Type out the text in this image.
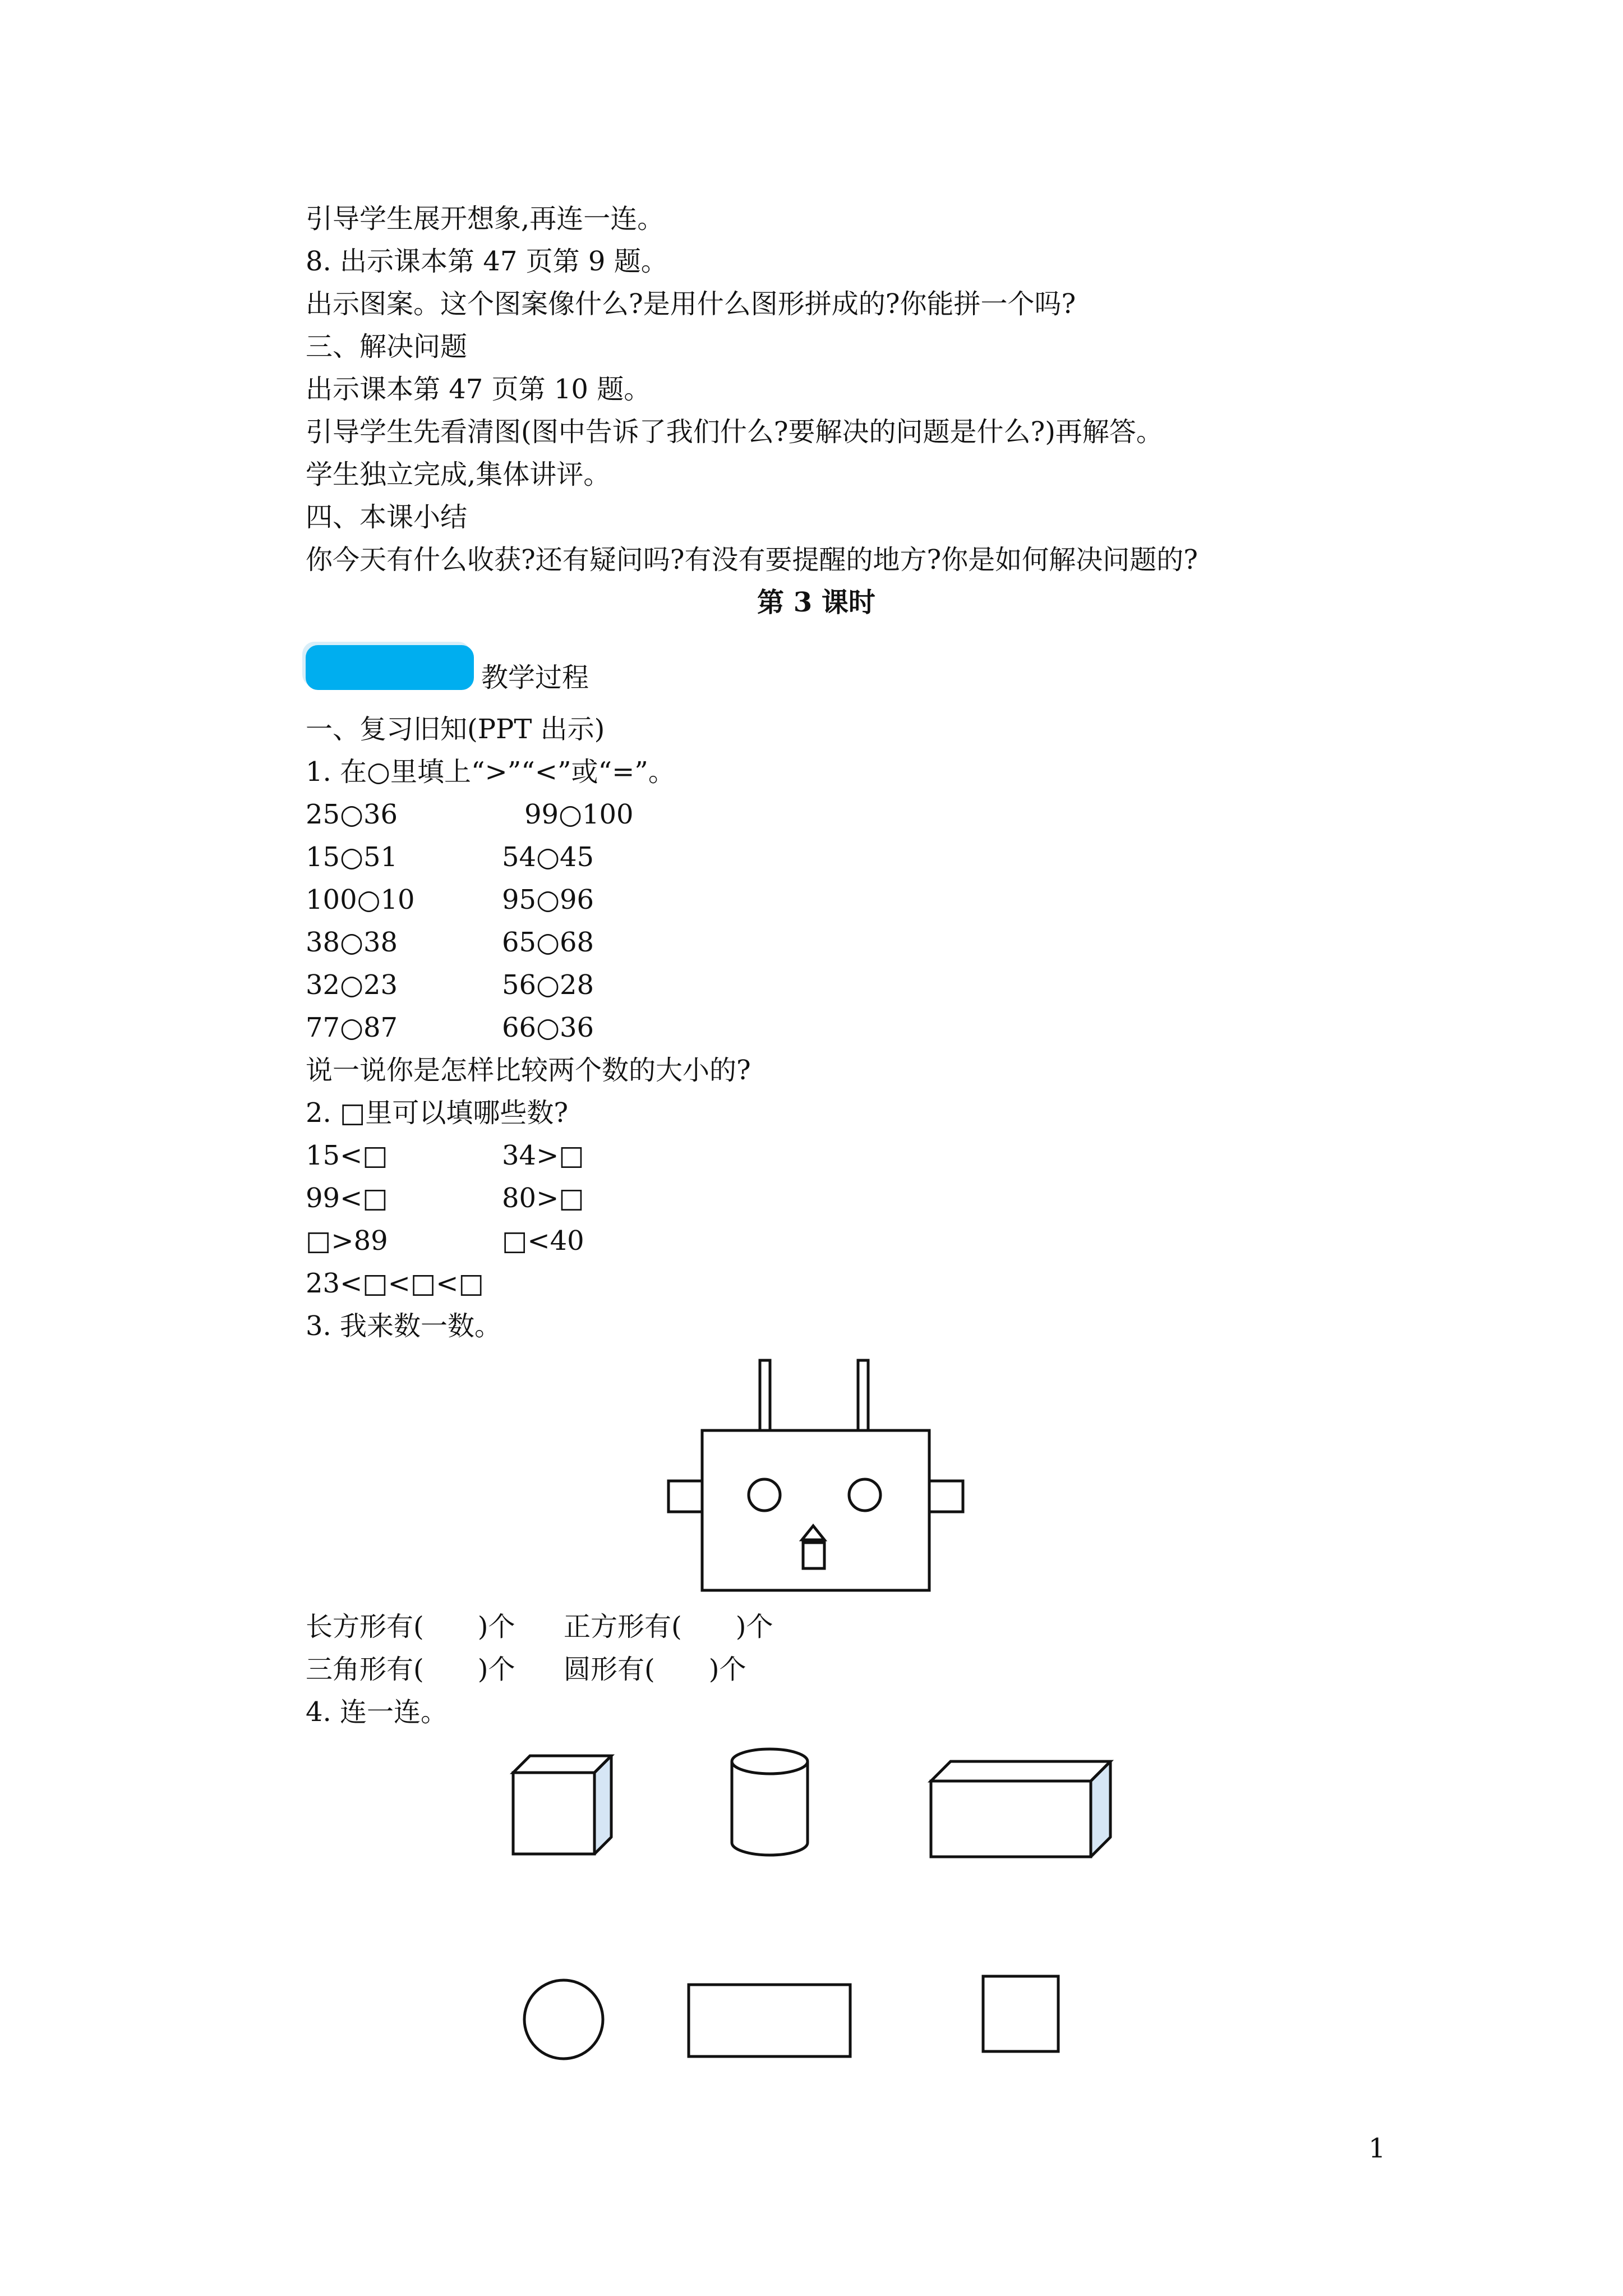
引导学生展开想象,再连一连。
8. 出示课本第 47 页第 9 题。
出示图案。这个图案像什么?是用什么图形拼成的?你能拼一个吗?
三、解决问题
出示课本第 47 页第 10 题。
引导学生先看清图(图中告诉了我们什么?要解决的问题是什么?)再解答。
学生独立完成,集体讲评。
四、本课小结
你今天有什么收获?还有疑问吗?有没有要提醒的地方?你是如何解决问题的?
第 3 课时
教学过程
一、复习旧知(PPT 出示)
1. 在○里填上“>”“<”或“=”。
25○36	99○100
15○51	54○45
100○10	95○96
38○38	65○68
32○23	56○28
77○87	66○36
说一说你是怎样比较两个数的大小的?
2. □里可以填哪些数?
15<□	34>□
99<□	80>□
□>89	□<40
23<□<□<□
3. 我来数一数。
长方形有(　　)个 正方形有(　　)个
三角形有(　　)个 圆形有(　　)个
4. 连一连。
1
